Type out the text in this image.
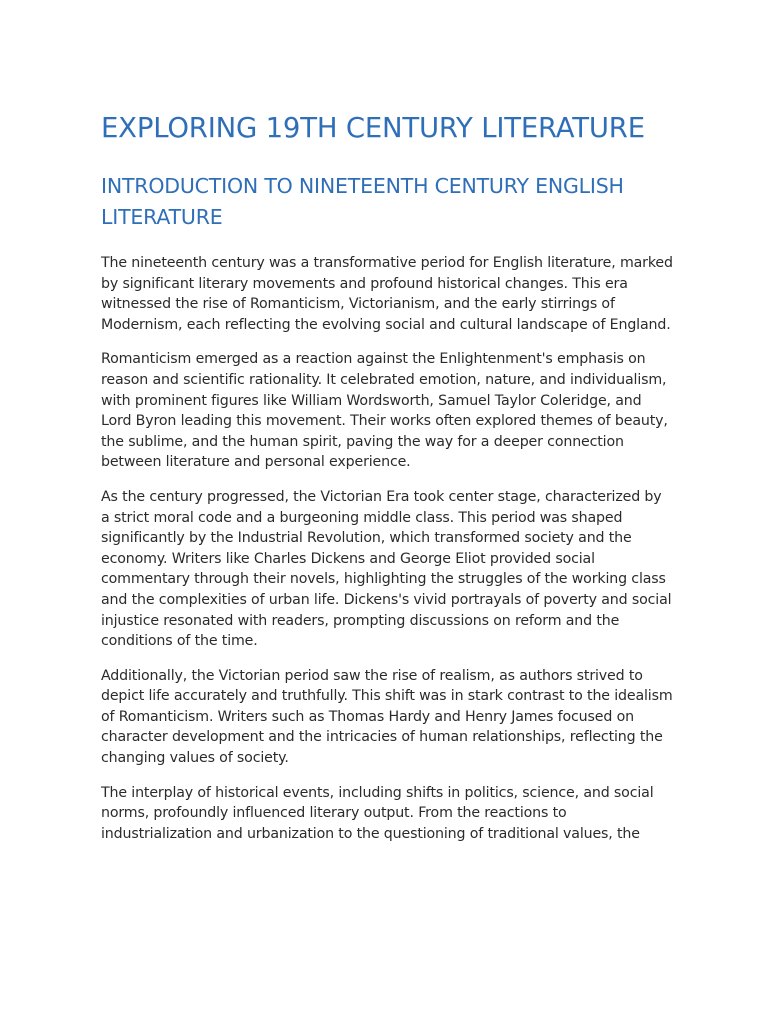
EXPLORING 19TH CENTURY LITERATURE
INTRODUCTION TO NINETEENTH CENTURY ENGLISH LITERATURE

The nineteenth century was a transformative period for English literature, marked by significant literary movements and profound historical changes. This era witnessed the rise of Romanticism, Victorianism, and the early stirrings of Modernism, each reflecting the evolving social and cultural landscape of England.

Romanticism emerged as a reaction against the Enlightenment's emphasis on reason and scientific rationality. It celebrated emotion, nature, and individualism, with prominent figures like William Wordsworth, Samuel Taylor Coleridge, and Lord Byron leading this movement. Their works often explored themes of beauty, the sublime, and the human spirit, paving the way for a deeper connection between literature and personal experience.

As the century progressed, the Victorian Era took center stage, characterized by a strict moral code and a burgeoning middle class. This period was shaped significantly by the Industrial Revolution, which transformed society and the economy. Writers like Charles Dickens and George Eliot provided social commentary through their novels, highlighting the struggles of the working class and the complexities of urban life. Dickens's vivid portrayals of poverty and social injustice resonated with readers, prompting discussions on reform and the conditions of the time.

Additionally, the Victorian period saw the rise of realism, as authors strived to depict life accurately and truthfully. This shift was in stark contrast to the idealism of Romanticism. Writers such as Thomas Hardy and Henry James focused on character development and the intricacies of human relationships, reflecting the changing values of society.

The interplay of historical events, including shifts in politics, science, and social norms, profoundly influenced literary output. From the reactions to industrialization and urbanization to the questioning of traditional values, the
